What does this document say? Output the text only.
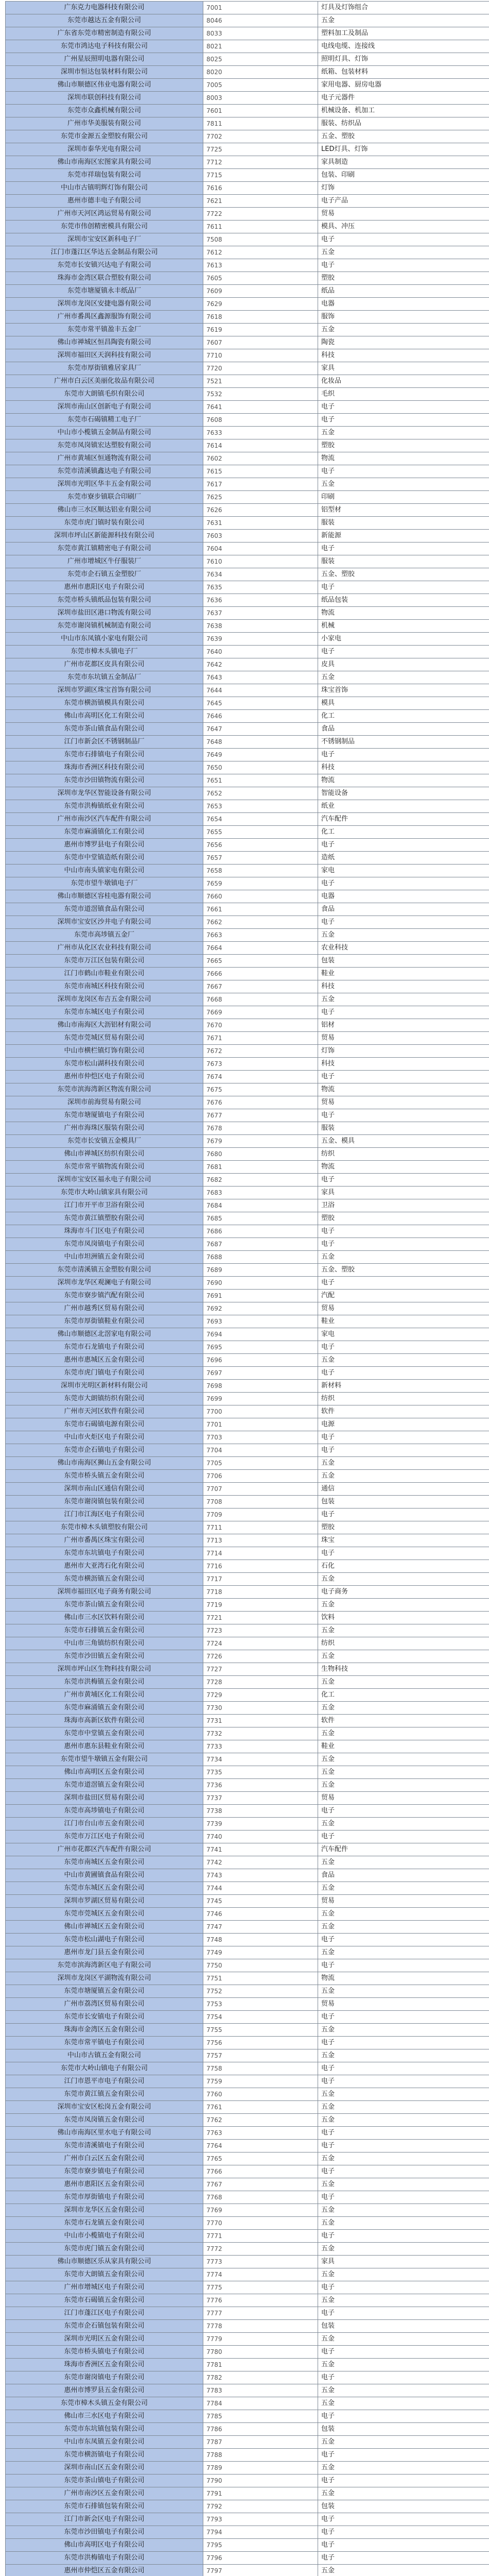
广东克力电器科技有限公司	7001	灯具及灯饰组合
东莞市越达五金有限公司	8046	五金
广东省东莞市精密制造有限公司	8033	塑料加工及制品
东莞市鸿达电子科技有限公司	8021	电线电缆、连接线
广州星辰照明电器有限公司	8025	照明灯具、灯饰
深圳市恒达包装材料有限公司	8020	纸箱、包装材料
佛山市顺德区伟业电器有限公司	7005	家用电器、厨房电器
深圳市联创科技有限公司	8003	电子元器件
东莞市众鑫机械有限公司	7601	机械设备、机加工
广州市华美服装有限公司	7811	服装、纺织品
东莞市金源五金塑胶有限公司	7702	五金、塑胶
深圳市泰华光电有限公司	7725	LED灯具、灯饰
佛山市南海区宏图家具有限公司	7712	家具制造
东莞市祥瑞包装有限公司	7715	包装、印刷
中山市古镇明辉灯饰有限公司	7616	灯饰
惠州市德丰电子有限公司	7621	电子产品
广州市天河区鸿运贸易有限公司	7722	贸易
东莞市伟创精密模具有限公司	7611	模具、冲压
深圳市宝安区新科电子厂	7508	电子
江门市蓬江区华达五金制品有限公司	7612	五金
东莞市长安镇兴达电子有限公司	7613	电子
珠海市金湾区联合塑胶有限公司	7605	塑胶
东莞市塘厦镇永丰纸品厂	7609	纸品
深圳市龙岗区安捷电器有限公司	7629	电器
广州市番禺区鑫源服饰有限公司	7618	服饰
东莞市常平镇盈丰五金厂	7619	五金
佛山市禅城区恒昌陶瓷有限公司	7607	陶瓷
深圳市福田区天润科技有限公司	7710	科技
东莞市厚街镇雅居家具厂	7720	家具
广州市白云区美丽化妆品有限公司	7521	化妆品
东莞市大朗镇毛织有限公司	7532	毛织
深圳市南山区创新电子有限公司	7641	电子
东莞市石碣镇精工电子厂	7608	电子
中山市小榄镇五金制品有限公司	7633	五金
东莞市凤岗镇宏达塑胶有限公司	7614	塑胶
广州市黄埔区恒通物流有限公司	7602	物流
东莞市清溪镇鑫达电子有限公司	7615	电子
深圳市光明区华丰五金有限公司	7617	五金
东莞市寮步镇联合印刷厂	7625	印刷
佛山市三水区顺达铝业有限公司	7626	铝型材
东莞市虎门镇时装有限公司	7631	服装
深圳市坪山区新能源科技有限公司	7603	新能源
东莞市黄江镇精密电子有限公司	7604	电子
广州市增城区牛仔服装厂	7610	服装
东莞市企石镇五金塑胶厂	7634	五金、塑胶
惠州市惠阳区电子有限公司	7635	电子
东莞市桥头镇纸品包装有限公司	7636	纸品包装
深圳市盐田区港口物流有限公司	7637	物流
东莞市谢岗镇机械制造有限公司	7638	机械
中山市东凤镇小家电有限公司	7639	小家电
东莞市樟木头镇电子厂	7640	电子
广州市花都区皮具有限公司	7642	皮具
东莞市东坑镇五金制品厂	7643	五金
深圳市罗湖区珠宝首饰有限公司	7644	珠宝首饰
东莞市横沥镇模具有限公司	7645	模具
佛山市高明区化工有限公司	7646	化工
东莞市茶山镇食品有限公司	7647	食品
江门市新会区不锈钢制品厂	7648	不锈钢制品
东莞市石排镇电子有限公司	7649	电子
珠海市香洲区科技有限公司	7650	科技
东莞市沙田镇物流有限公司	7651	物流
深圳市龙华区智能设备有限公司	7652	智能设备
东莞市洪梅镇纸业有限公司	7653	纸业
广州市南沙区汽车配件有限公司	7654	汽车配件
东莞市麻涌镇化工有限公司	7655	化工
惠州市博罗县电子有限公司	7656	电子
东莞市中堂镇造纸有限公司	7657	造纸
中山市南头镇家电有限公司	7658	家电
东莞市望牛墩镇电子厂	7659	电子
佛山市顺德区容桂电器有限公司	7660	电器
东莞市道滘镇食品有限公司	7661	食品
深圳市宝安区沙井电子有限公司	7662	电子
东莞市高埗镇五金厂	7663	五金
广州市从化区农业科技有限公司	7664	农业科技
东莞市万江区包装有限公司	7665	包装
江门市鹤山市鞋业有限公司	7666	鞋业
东莞市南城区科技有限公司	7667	科技
深圳市龙岗区布吉五金有限公司	7668	五金
东莞市东城区电子有限公司	7669	电子
佛山市南海区大沥铝材有限公司	7670	铝材
东莞市莞城区贸易有限公司	7671	贸易
中山市横栏镇灯饰有限公司	7672	灯饰
东莞市松山湖科技有限公司	7673	科技
惠州市仲恺区电子有限公司	7674	电子
东莞市滨海湾新区物流有限公司	7675	物流
深圳市前海贸易有限公司	7676	贸易
东莞市塘厦镇电子有限公司	7677	电子
广州市海珠区服装有限公司	7678	服装
东莞市长安镇五金模具厂	7679	五金、模具
佛山市禅城区纺织有限公司	7680	纺织
东莞市常平镇物流有限公司	7681	物流
深圳市宝安区福永电子有限公司	7682	电子
东莞市大岭山镇家具有限公司	7683	家具
江门市开平市卫浴有限公司	7684	卫浴
东莞市黄江镇塑胶有限公司	7685	塑胶
珠海市斗门区电子有限公司	7686	电子
东莞市凤岗镇电子有限公司	7687	电子
中山市坦洲镇五金有限公司	7688	五金
东莞市清溪镇五金塑胶有限公司	7689	五金、塑胶
深圳市龙华区观澜电子有限公司	7690	电子
东莞市寮步镇汽配有限公司	7691	汽配
广州市越秀区贸易有限公司	7692	贸易
东莞市厚街镇鞋业有限公司	7693	鞋业
佛山市顺德区北滘家电有限公司	7694	家电
东莞市石龙镇电子有限公司	7695	电子
惠州市惠城区五金有限公司	7696	五金
东莞市虎门镇电子有限公司	7697	电子
深圳市光明区新材料有限公司	7698	新材料
东莞市大朗镇纺织有限公司	7699	纺织
广州市天河区软件有限公司	7700	软件
东莞市石碣镇电源有限公司	7701	电源
中山市火炬区电子有限公司	7703	电子
东莞市企石镇电子有限公司	7704	电子
佛山市南海区狮山五金有限公司	7705	五金
东莞市桥头镇五金有限公司	7706	五金
深圳市南山区通信有限公司	7707	通信
东莞市谢岗镇包装有限公司	7708	包装
江门市江海区电子有限公司	7709	电子
东莞市樟木头镇塑胶有限公司	7711	塑胶
广州市番禺区珠宝有限公司	7713	珠宝
东莞市东坑镇电子有限公司	7714	电子
惠州市大亚湾石化有限公司	7716	石化
东莞市横沥镇五金有限公司	7717	五金
深圳市福田区电子商务有限公司	7718	电子商务
东莞市茶山镇五金有限公司	7719	五金
佛山市三水区饮料有限公司	7721	饮料
东莞市石排镇五金有限公司	7723	五金
中山市三角镇纺织有限公司	7724	纺织
东莞市沙田镇五金有限公司	7726	五金
深圳市坪山区生物科技有限公司	7727	生物科技
东莞市洪梅镇五金有限公司	7728	五金
广州市黄埔区化工有限公司	7729	化工
东莞市麻涌镇五金有限公司	7730	五金
珠海市高新区软件有限公司	7731	软件
东莞市中堂镇五金有限公司	7732	五金
惠州市惠东县鞋业有限公司	7733	鞋业
东莞市望牛墩镇五金有限公司	7734	五金
佛山市高明区五金有限公司	7735	五金
东莞市道滘镇五金有限公司	7736	五金
深圳市盐田区贸易有限公司	7737	贸易
东莞市高埗镇电子有限公司	7738	电子
江门市台山市五金有限公司	7739	五金
东莞市万江区电子有限公司	7740	电子
广州市花都区汽车配件有限公司	7741	汽车配件
东莞市南城区五金有限公司	7742	五金
中山市黄圃镇食品有限公司	7743	食品
东莞市东城区五金有限公司	7744	五金
深圳市罗湖区贸易有限公司	7745	贸易
东莞市莞城区五金有限公司	7746	五金
佛山市禅城区五金有限公司	7747	五金
东莞市松山湖电子有限公司	7748	电子
惠州市龙门县五金有限公司	7749	五金
东莞市滨海湾新区电子有限公司	7750	电子
深圳市龙岗区平湖物流有限公司	7751	物流
东莞市塘厦镇五金有限公司	7752	五金
广州市荔湾区贸易有限公司	7753	贸易
东莞市长安镇电子有限公司	7754	电子
珠海市金湾区五金有限公司	7755	五金
东莞市常平镇电子有限公司	7756	电子
中山市古镇五金有限公司	7757	五金
东莞市大岭山镇电子有限公司	7758	电子
江门市恩平市电子有限公司	7759	电子
东莞市黄江镇五金有限公司	7760	五金
深圳市宝安区松岗五金有限公司	7761	五金
东莞市凤岗镇五金有限公司	7762	五金
佛山市南海区里水电子有限公司	7763	电子
东莞市清溪镇电子有限公司	7764	电子
广州市白云区五金有限公司	7765	五金
东莞市寮步镇电子有限公司	7766	电子
惠州市惠阳区五金有限公司	7767	五金
东莞市厚街镇电子有限公司	7768	电子
深圳市龙华区五金有限公司	7769	五金
东莞市石龙镇五金有限公司	7770	五金
中山市小榄镇电子有限公司	7771	电子
东莞市虎门镇五金有限公司	7772	五金
佛山市顺德区乐从家具有限公司	7773	家具
东莞市大朗镇五金有限公司	7774	五金
广州市增城区电子有限公司	7775	电子
东莞市石碣镇五金有限公司	7776	五金
江门市蓬江区电子有限公司	7777	电子
东莞市企石镇包装有限公司	7778	包装
深圳市光明区五金有限公司	7779	五金
东莞市桥头镇电子有限公司	7780	电子
珠海市香洲区五金有限公司	7781	五金
东莞市谢岗镇电子有限公司	7782	电子
惠州市博罗县五金有限公司	7783	五金
东莞市樟木头镇五金有限公司	7784	五金
佛山市三水区电子有限公司	7785	电子
东莞市东坑镇包装有限公司	7786	包装
中山市东凤镇五金有限公司	7787	五金
东莞市横沥镇电子有限公司	7788	电子
深圳市南山区五金有限公司	7789	五金
东莞市茶山镇电子有限公司	7790	电子
广州市南沙区五金有限公司	7791	五金
东莞市石排镇包装有限公司	7792	包装
江门市新会区电子有限公司	7793	电子
东莞市沙田镇电子有限公司	7794	电子
佛山市高明区电子有限公司	7795	电子
东莞市洪梅镇电子有限公司	7796	电子
惠州市仲恺区五金有限公司	7797	五金
